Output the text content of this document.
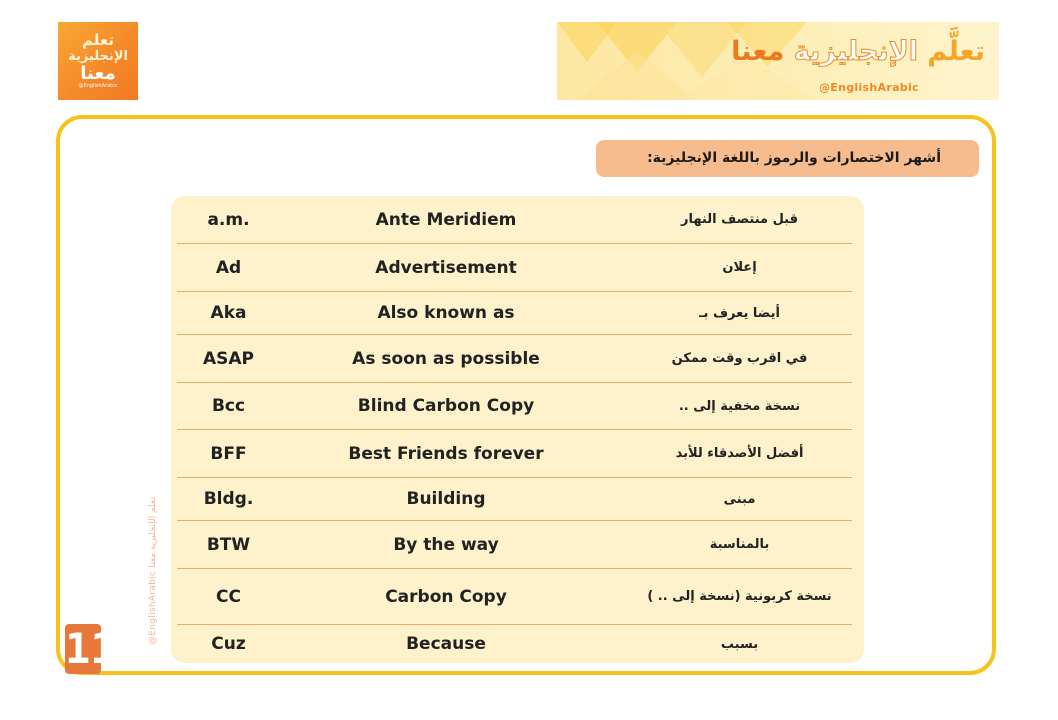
تعلم
الإنجليزية
معنا
@EnglishArabic
تعلَّم الإنجليزية معنا
@EnglishArabic
أشهر الاختصارات والرموز باللغة الإنجليزية:
a.m.	Ante Meridiem	قبل منتصف النهار
Ad	Advertisement	إعلان
Aka	Also known as	أيضا يعرف بـ
ASAP	As soon as possible	في اقرب وقت ممكن
Bcc	Blind Carbon Copy	نسخة مخفية إلى ..
BFF	Best Friends forever	أفضل الأصدقاء للأبد
Bldg.	Building	مبنى
BTW	By the way	بالمناسبة
CC	Carbon Copy	نسخة كربونية (نسخة إلى .. )
Cuz	Because	بسبب
11
@EnglishArabic تعلم الإنجليزية معنا
